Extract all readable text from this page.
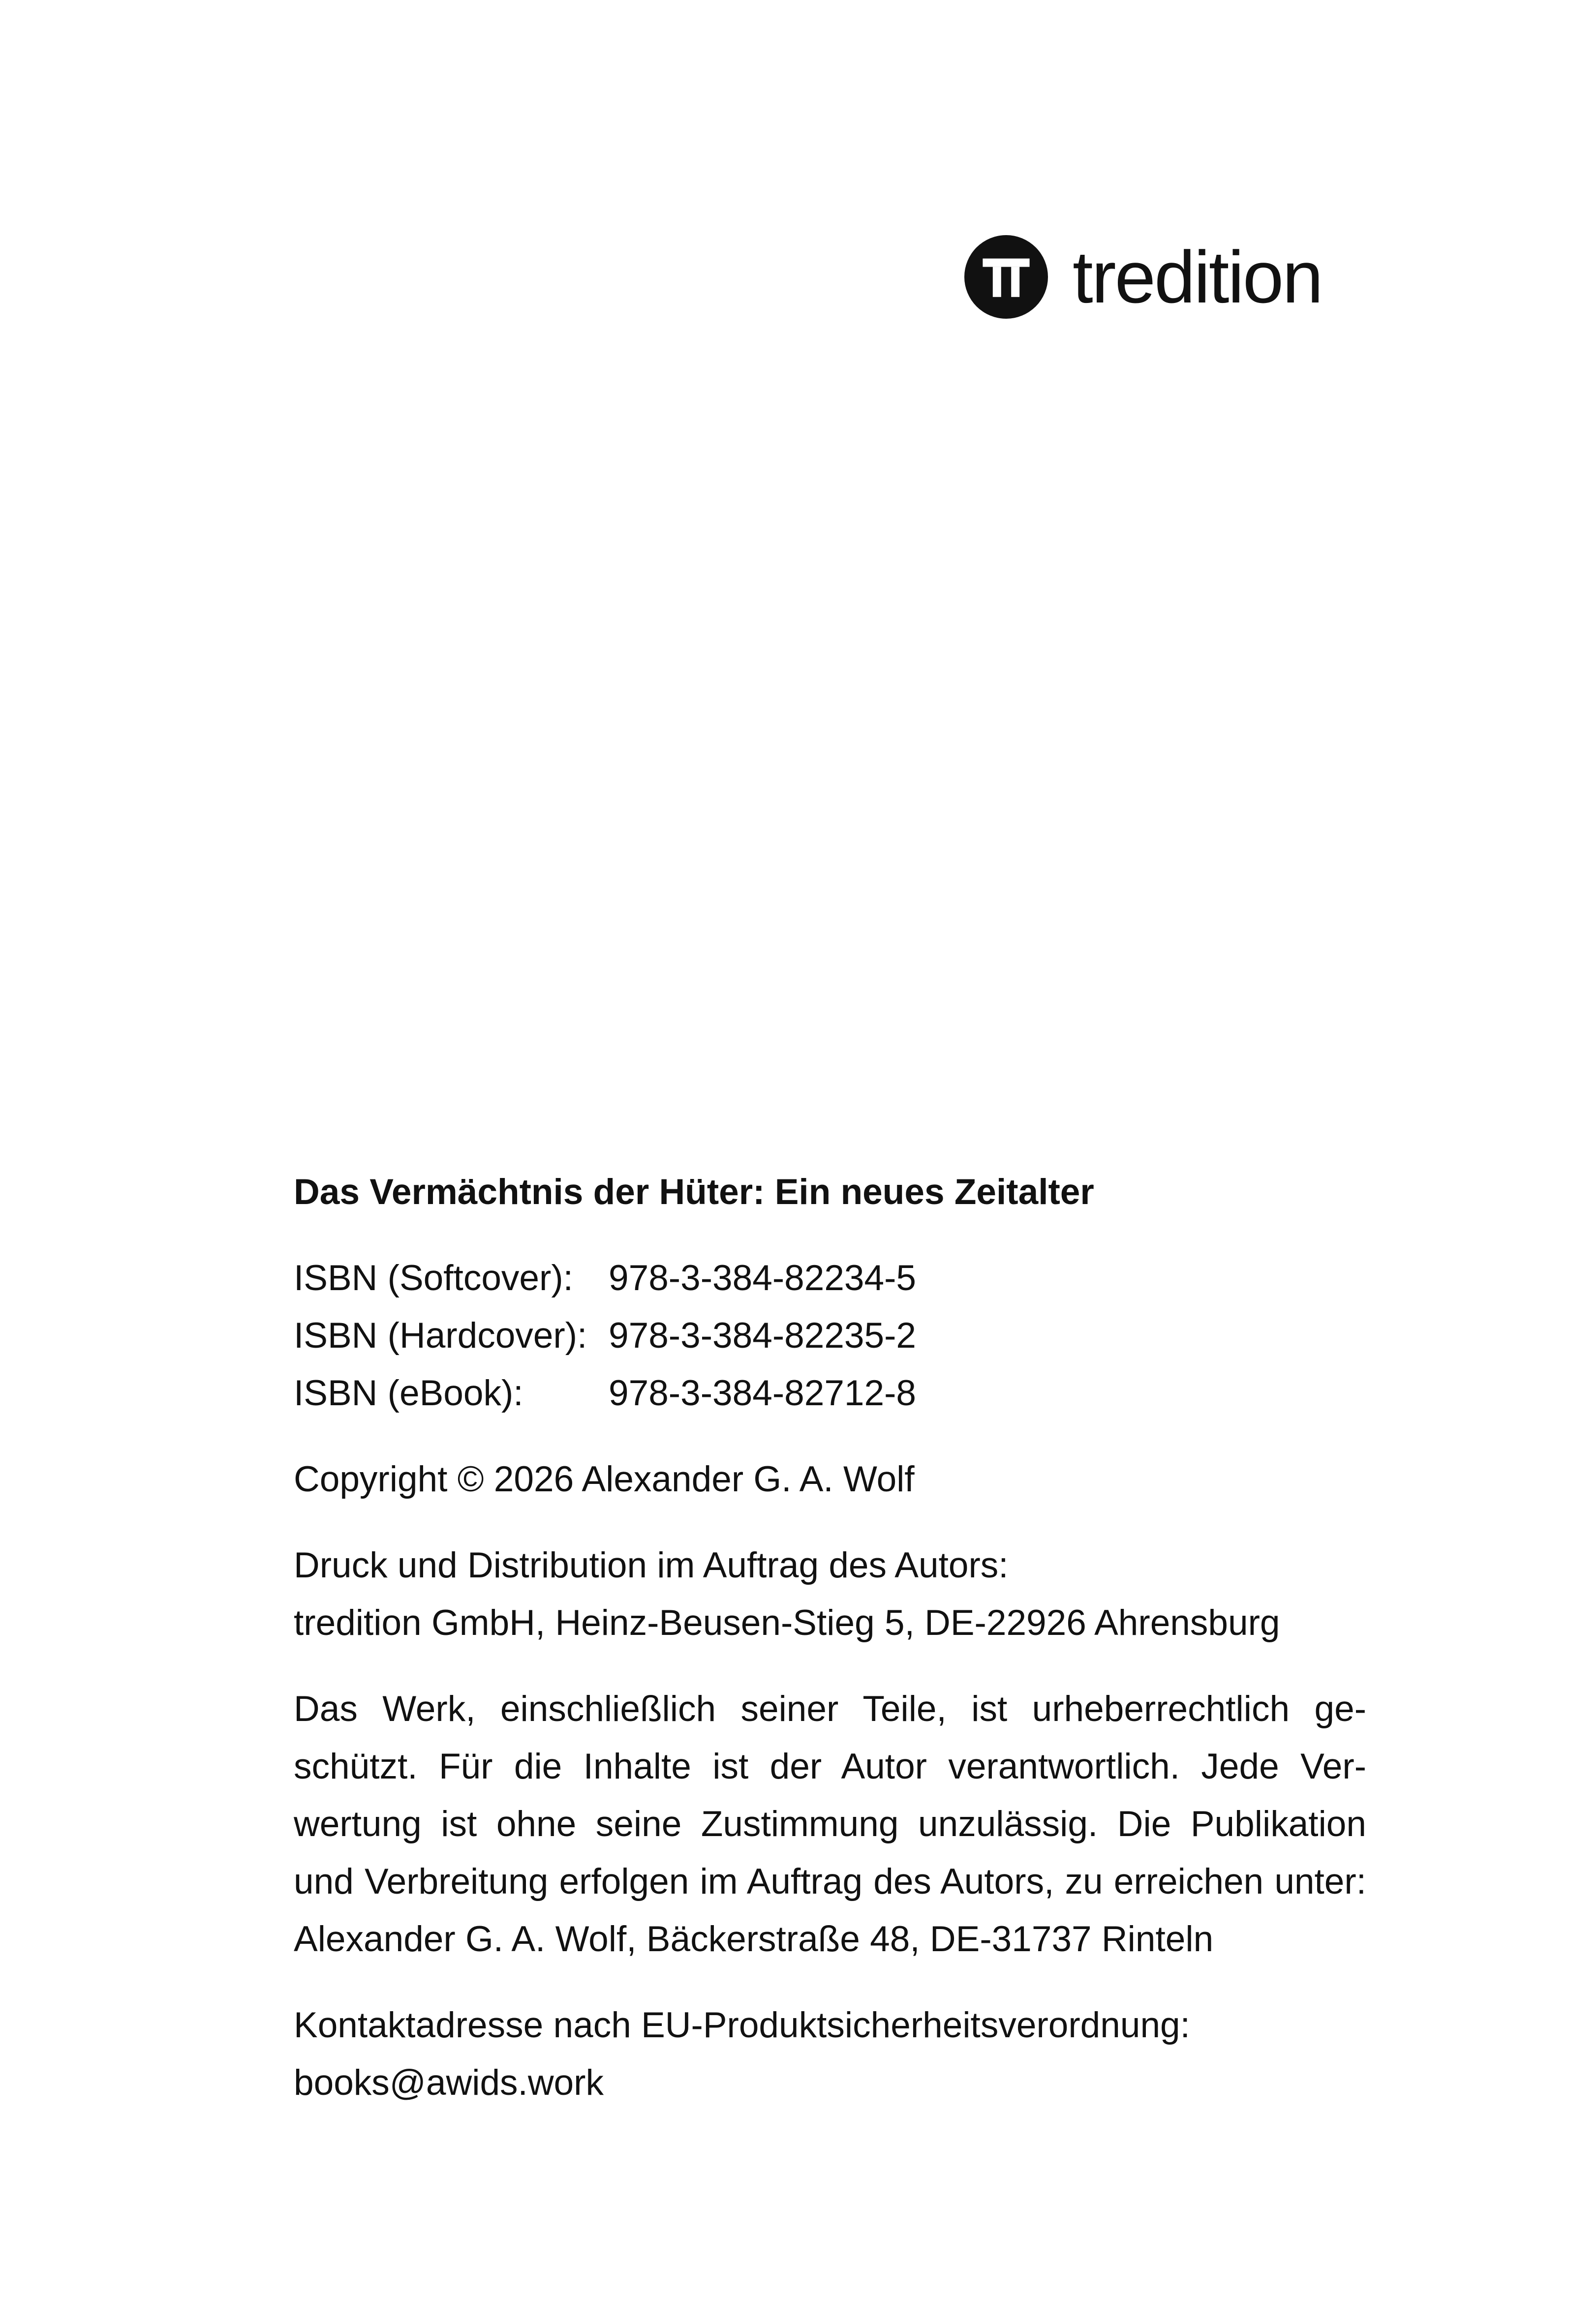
tredition
Das Vermächtnis der Hüter: Ein neues Zeitalter
ISBN (Softcover): 978-3-384-82234-5
ISBN (Hardcover): 978-3-384-82235-2
ISBN (eBook):	978-3-384-82712-8
Copyright © 2026 Alexander G. A. Wolf
Druck und Distribution im Auftrag des Autors:
tredition GmbH, Heinz-Beusen-Stieg 5, DE-22926 Ahrensburg

Das Werk, einschließlich seiner Teile, ist urheberrechtlich geschützt. Für die Inhalte ist der Autor verantwortlich. Jede Verwertung ist ohne seine Zustimmung unzulässig. Die Publikation und Verbreitung erfolgen im Auftrag des Autors, zu erreichen unter: Alexander G. A. Wolf, Bäckerstraße 48, DE-31737 Rinteln

Kontaktadresse nach EU-Produktsicherheitsverordnung:
books@awids.work
